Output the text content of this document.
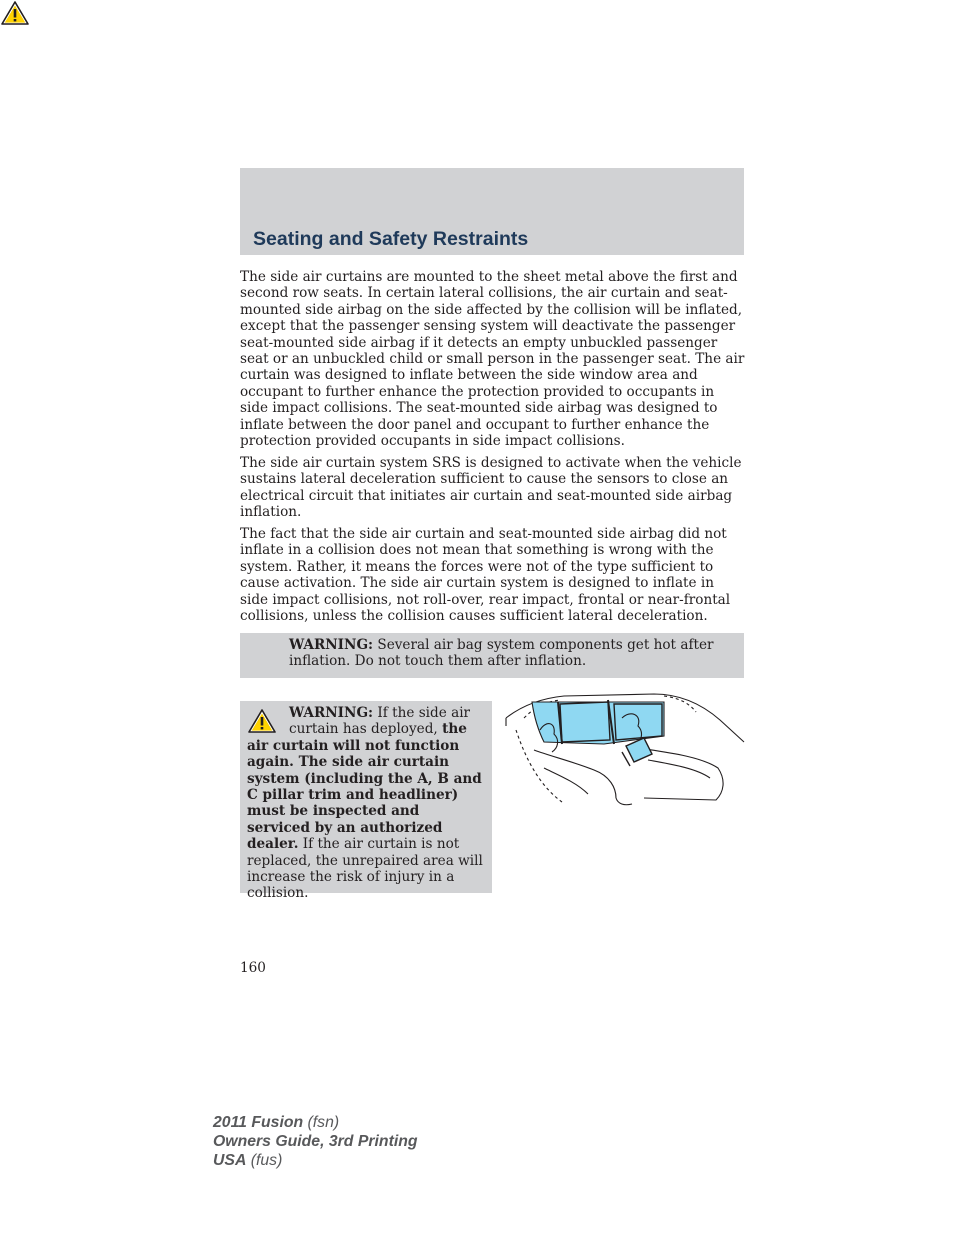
Seating and Safety Restraints

The side air curtains are mounted to the sheet metal above the first and second row seats. In certain lateral collisions, the air curtain and seat-mounted side airbag on the side affected by the collision will be inflated, except that the passenger sensing system will deactivate the passenger seat-mounted side airbag if it detects an empty unbuckled passenger seat or an unbuckled child or small person in the passenger seat. The air curtain was designed to inflate between the side window area and occupant to further enhance the protection provided to occupants in side impact collisions. The seat-mounted side airbag was designed to inflate between the door panel and occupant to further enhance the protection provided occupants in side impact collisions.

The side air curtain system SRS is designed to activate when the vehicle sustains lateral deceleration sufficient to cause the sensors to close an electrical circuit that initiates air curtain and seat-mounted side airbag inflation.

The fact that the side air curtain and seat-mounted side airbag did not inflate in a collision does not mean that something is wrong with the system. Rather, it means the forces were not of the type sufficient to cause activation. The side air curtain system is designed to inflate in side impact collisions, not roll-over, rear impact, frontal or near-frontal collisions, unless the collision causes sufficient lateral deceleration.

WARNING: Several air bag system components get hot after inflation. Do not touch them after inflation.
WARNING: If the side air curtain has deployed, the air curtain will not function again. The side air curtain system (including the A, B and C pillar trim and headliner) must be inspected and serviced by an authorized dealer. If the air curtain is not replaced, the unrepaired area will increase the risk of injury in a collision.

160

2011 Fusion (fsn)
Owners Guide, 3rd Printing
USA (fus)
